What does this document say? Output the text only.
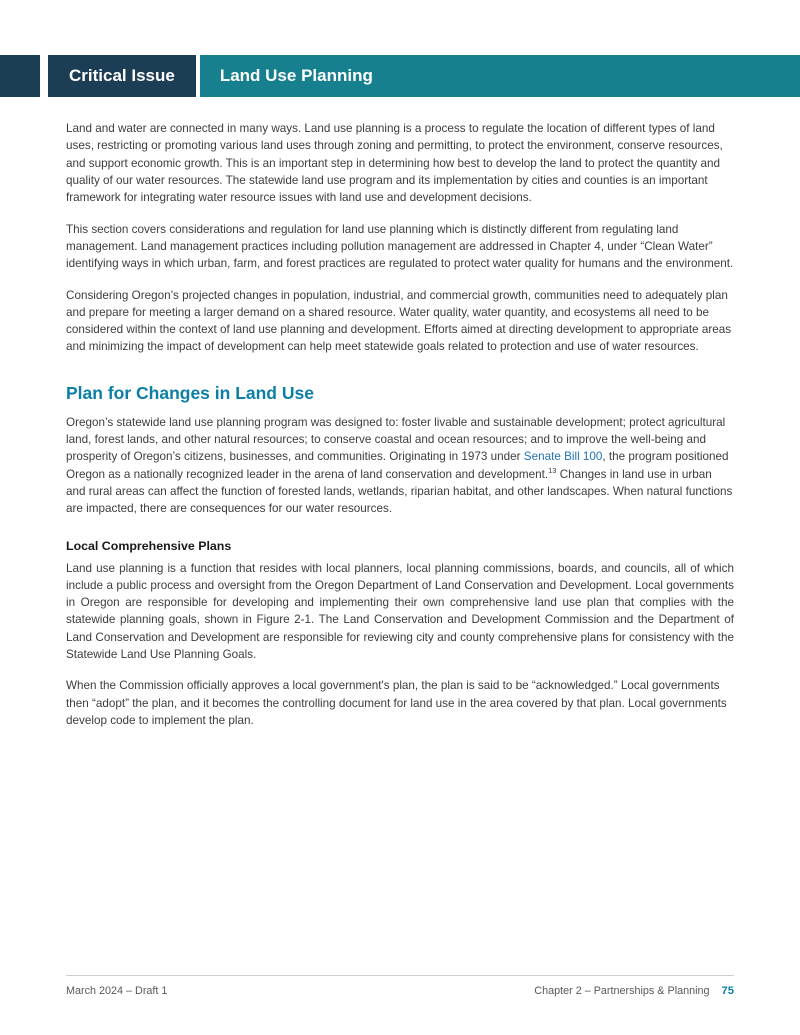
Critical Issue	Land Use Planning

Land and water are connected in many ways. Land use planning is a process to regulate the location of different types of land uses, restricting or promoting various land uses through zoning and permitting, to protect the environment, conserve resources, and support economic growth. This is an important step in determining how best to develop the land to protect the quantity and quality of our water resources. The statewide land use program and its implementation by cities and counties is an important framework for integrating water resource issues with land use and development decisions.

This section covers considerations and regulation for land use planning which is distinctly different from regulating land management. Land management practices including pollution management are addressed in Chapter 4, under “Clean Water” identifying ways in which urban, farm, and forest practices are regulated to protect water quality for humans and the environment.

Considering Oregon’s projected changes in population, industrial, and commercial growth, communities need to adequately plan and prepare for meeting a larger demand on a shared resource. Water quality, water quantity, and ecosystems all need to be considered within the context of land use planning and development. Efforts aimed at directing development to appropriate areas and minimizing the impact of development can help meet statewide goals related to protection and use of water resources.

Plan for Changes in Land Use

Oregon’s statewide land use planning program was designed to: foster livable and sustainable development; protect agricultural land, forest lands, and other natural resources; to conserve coastal and ocean resources; and to improve the well-being and prosperity of Oregon’s citizens, businesses, and communities. Originating in 1973 under Senate Bill 100, the program positioned Oregon as a nationally recognized leader in the arena of land conservation and development.$^{13}$ Changes in land use in urban and rural areas can affect the function of forested lands, wetlands, riparian habitat, and other landscapes. When natural functions are impacted, there are consequences for our water resources.

Local Comprehensive Plans

Land use planning is a function that resides with local planners, local planning commissions, boards, and councils, all of which include a public process and oversight from the Oregon Department of Land Conservation and Development. Local governments in Oregon are responsible for developing and implementing their own comprehensive land use plan that complies with the statewide planning goals, shown in Figure 2-1. The Land Conservation and Development Commission and the Department of Land Conservation and Development are responsible for reviewing city and county comprehensive plans for consistency with the Statewide Land Use Planning Goals.

When the Commission officially approves a local government's plan, the plan is said to be “acknowledged.” Local governments then “adopt” the plan, and it becomes the controlling document for land use in the area covered by that plan. Local governments develop code to implement the plan.

March 2024 – Draft 1	Chapter 2 – Partnerships & Planning 75
